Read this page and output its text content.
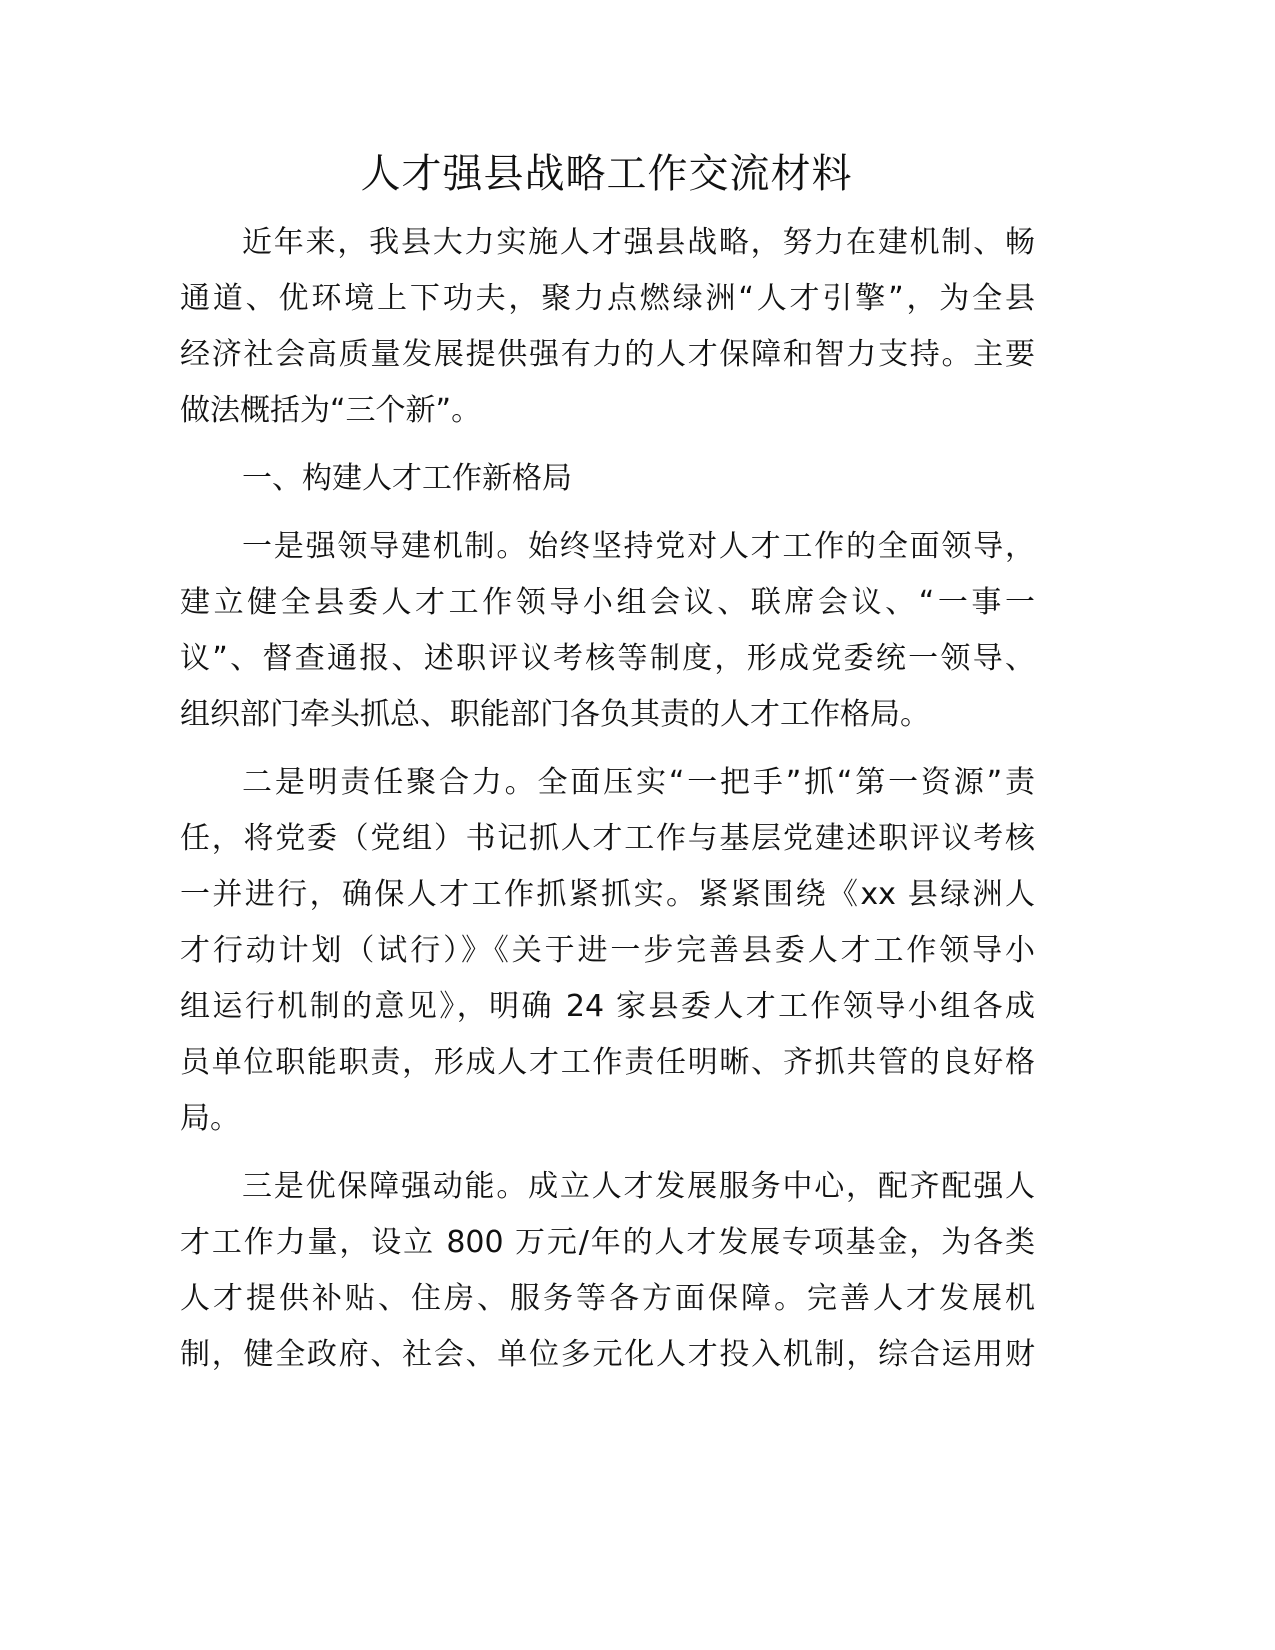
人才强县战略工作交流材料
近年来，我县大力实施人才强县战略，努力在建机制、畅
通道、优环境上下功夫，聚力点燃绿洲“人才引擎”，为全县
经济社会高质量发展提供强有力的人才保障和智力支持。主要
做法概括为“三个新”。
一、构建人才工作新格局
一是强领导建机制。始终坚持党对人才工作的全面领导，
建立健全县委人才工作领导小组会议、联席会议、“一事一
议”、督查通报、述职评议考核等制度，形成党委统一领导、
组织部门牵头抓总、职能部门各负其责的人才工作格局。
二是明责任聚合力。全面压实“一把手”抓“第一资源”责
任，将党委（党组）书记抓人才工作与基层党建述职评议考核
一并进行，确保人才工作抓紧抓实。紧紧围绕《xx 县绿洲人
才行动计划（试行）》《关于进一步完善县委人才工作领导小
组运行机制的意见》，明确 24 家县委人才工作领导小组各成
员单位职能职责，形成人才工作责任明晰、齐抓共管的良好格
局。
三是优保障强动能。成立人才发展服务中心，配齐配强人
才工作力量，设立 800 万元/年的人才发展专项基金，为各类
人才提供补贴、住房、服务等各方面保障。完善人才发展机
制，健全政府、社会、单位多元化人才投入机制，综合运用财
